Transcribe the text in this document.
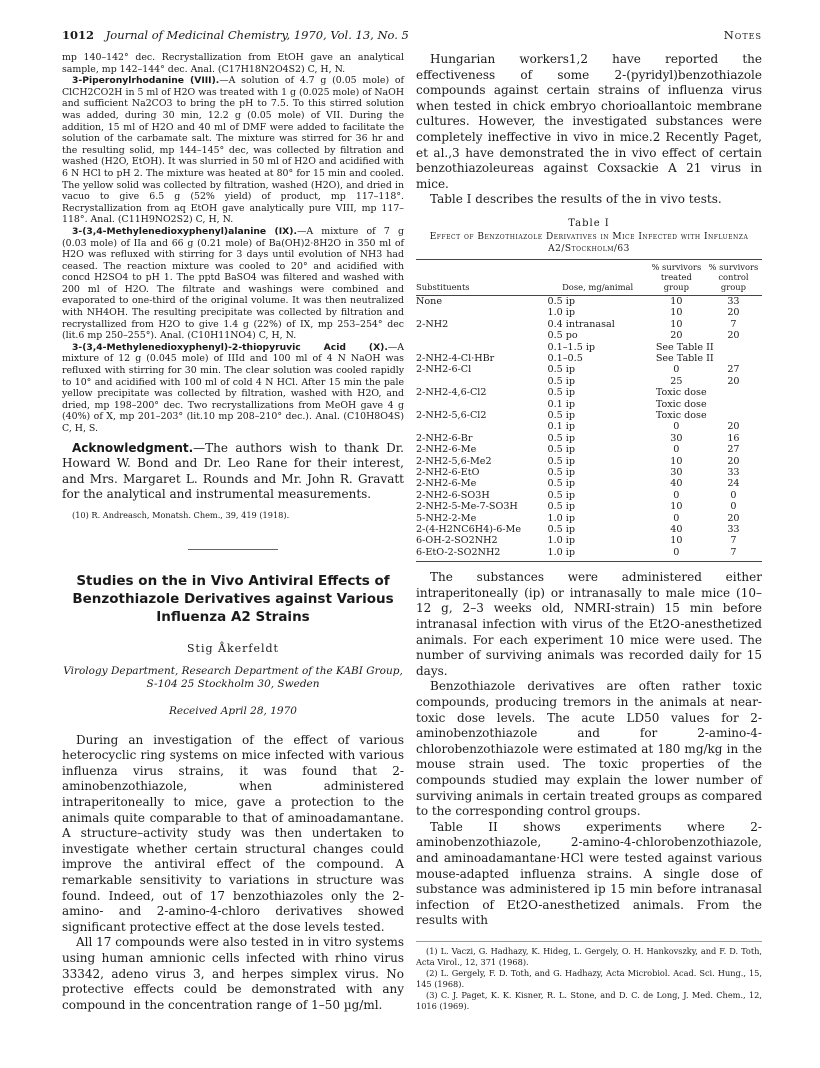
1012 Journal of Medicinal Chemistry, 1970, Vol. 13, No. 5	Notes

mp 140–142° dec. Recrystallization from EtOH gave an analytical sample, mp 142–144° dec. Anal. (C17H18N2O4S2) C, H, N.

3-Piperonylrhodanine (VIII).—A solution of 4.7 g (0.05 mole) of ClCH2CO2H in 5 ml of H2O was treated with 1 g (0.025 mole) of NaOH and sufficient Na2CO3 to bring the pH to 7.5. To this stirred solution was added, during 30 min, 12.2 g (0.05 mole) of VII. During the addition, 15 ml of H2O and 40 ml of DMF were added to facilitate the solution of the carbamate salt. The mixture was stirred for 36 hr and the resulting solid, mp 144–145° dec, was collected by filtration and washed (H2O, EtOH). It was slurried in 50 ml of H2O and acidified with 6 N HCl to pH 2. The mixture was heated at 80° for 15 min and cooled. The yellow solid was collected by filtration, washed (H2O), and dried in vacuo to give 6.5 g (52% yield) of product, mp 117–118°. Recrystallization from aq EtOH gave analytically pure VIII, mp 117–118°. Anal. (C11H9NO2S2) C, H, N.

3-(3,4-Methylenedioxyphenyl)alanine (IX).—A mixture of 7 g (0.03 mole) of IIa and 66 g (0.21 mole) of Ba(OH)2·8H2O in 350 ml of H2O was refluxed with stirring for 3 days until evolution of NH3 had ceased. The reaction mixture was cooled to 20° and acidified with concd H2SO4 to pH 1. The pptd BaSO4 was filtered and washed with 200 ml of H2O. The filtrate and washings were combined and evaporated to one-third of the original volume. It was then neutralized with NH4OH. The resulting precipitate was collected by filtration and recrystallized from H2O to give 1.4 g (22%) of IX, mp 253–254° dec (lit.6 mp 250–255°). Anal. (C10H11NO4) C, H, N.

3-(3,4-Methylenedioxyphenyl)-2-thiopyruvic Acid (X).—A mixture of 12 g (0.045 mole) of IIId and 100 ml of 4 N NaOH was refluxed with stirring for 30 min. The clear solution was cooled rapidly to 10° and acidified with 100 ml of cold 4 N HCl. After 15 min the pale yellow precipitate was collected by filtration, washed with H2O, and dried, mp 198–200° dec. Two recrystallizations from MeOH gave 4 g (40%) of X, mp 201–203° (lit.10 mp 208–210° dec.). Anal. (C10H8O4S) C, H, S.

Acknowledgment.—The authors wish to thank Dr. Howard W. Bond and Dr. Leo Rane for their interest, and Mrs. Margaret L. Rounds and Mr. John R. Gravatt for the analytical and instrumental measurements.

(10) R. Andreasch, Monatsh. Chem., 39, 419 (1918).

Studies on the in Vivo Antiviral Effects of Benzothiazole Derivatives against Various Influenza A2 Strains

Stig Åkerfeldt

Virology Department, Research Department of the KABI Group, S-104 25 Stockholm 30, Sweden

Received April 28, 1970

During an investigation of the effect of various heterocyclic ring systems on mice infected with various influenza virus strains, it was found that 2-aminobenzothiazole, when administered intraperitoneally to mice, gave a protection to the animals quite comparable to that of aminoadamantane. A structure–activity study was then undertaken to investigate whether certain structural changes could improve the antiviral effect of the compound. A remarkable sensitivity to variations in structure was found. Indeed, out of 17 benzothiazoles only the 2-amino- and 2-amino-4-chloro derivatives showed significant protective effect at the dose levels tested.

All 17 compounds were also tested in in vitro systems using human amnionic cells infected with rhino virus 33342, adeno virus 3, and herpes simplex virus. No protective effects could be demonstrated with any compound in the concentration range of 1–50 µg/ml.

Hungarian workers1,2 have reported the effectiveness of some 2-(pyridyl)benzothiazole compounds against certain strains of influenza virus when tested in chick embryo chorioallantoic membrane cultures. However, the investigated substances were completely ineffective in vivo in mice.2 Recently Paget, et al.,3 have demonstrated the in vivo effect of certain benzothiazoleureas against Coxsackie A 21 virus in mice.

Table I describes the results of the in vivo tests.

Table I

Effect of Benzothiazole Derivatives in Mice Infected with Influenza A2/Stockholm/63

Substituents	Dose, mg/animal	% survivors treated group	% survivors control group
None	0.5 ip	10	33
	1.0 ip	10	20
2-NH2	0.4 intranasal	10	7
	0.5 po	20	20
	0.1–1.5 ip	See Table II	
2-NH2-4-Cl·HBr	0.1–0.5	See Table II	
2-NH2-6-Cl	0.5 ip	0	27
	0.5 ip	25	20
2-NH2-4,6-Cl2	0.5 ip	Toxic dose	
	0.1 ip	Toxic dose	
2-NH2-5,6-Cl2	0.5 ip	Toxic dose	
	0.1 ip	0	20
2-NH2-6-Br	0.5 ip	30	16
2-NH2-6-Me	0.5 ip	0	27
2-NH2-5,6-Me2	0.5 ip	10	20
2-NH2-6-EtO	0.5 ip	30	33
2-NH2-6-Me	0.5 ip	40	24
2-NH2-6-SO3H	0.5 ip	0	0
2-NH2-5-Me-7-SO3H	0.5 ip	10	0
5-NH2-2-Me	1.0 ip	0	20
2-(4-H2NC6H4)-6-Me	0.5 ip	40	33
6-OH-2-SO2NH2	1.0 ip	10	7
6-EtO-2-SO2NH2	1.0 ip	0	7

The substances were administered either intraperitoneally (ip) or intranasally to male mice (10–12 g, 2–3 weeks old, NMRI-strain) 15 min before intranasal infection with virus of the Et2O-anesthetized animals. For each experiment 10 mice were used. The number of surviving animals was recorded daily for 15 days.

Benzothiazole derivatives are often rather toxic compounds, producing tremors in the animals at near-toxic dose levels. The acute LD50 values for 2-aminobenzothiazole and for 2-amino-4-chlorobenzothiazole were estimated at 180 mg/kg in the mouse strain used. The toxic properties of the compounds studied may explain the lower number of surviving animals in certain treated groups as compared to the corresponding control groups.

Table II shows experiments where 2-aminobenzothiazole, 2-amino-4-chlorobenzothiazole, and aminoadamantane·HCl were tested against various mouse-adapted influenza strains. A single dose of substance was administered ip 15 min before intranasal infection of Et2O-anesthetized animals. From the results with

(1) L. Vaczi, G. Hadhazy, K. Hideg, L. Gergely, O. H. Hankovszky, and F. D. Toth, Acta Virol., 12, 371 (1968).

(2) L. Gergely, F. D. Toth, and G. Hadhazy, Acta Microbiol. Acad. Sci. Hung., 15, 145 (1968).

(3) C. J. Paget, K. K. Kisner, R. L. Stone, and D. C. de Long, J. Med. Chem., 12, 1016 (1969).
